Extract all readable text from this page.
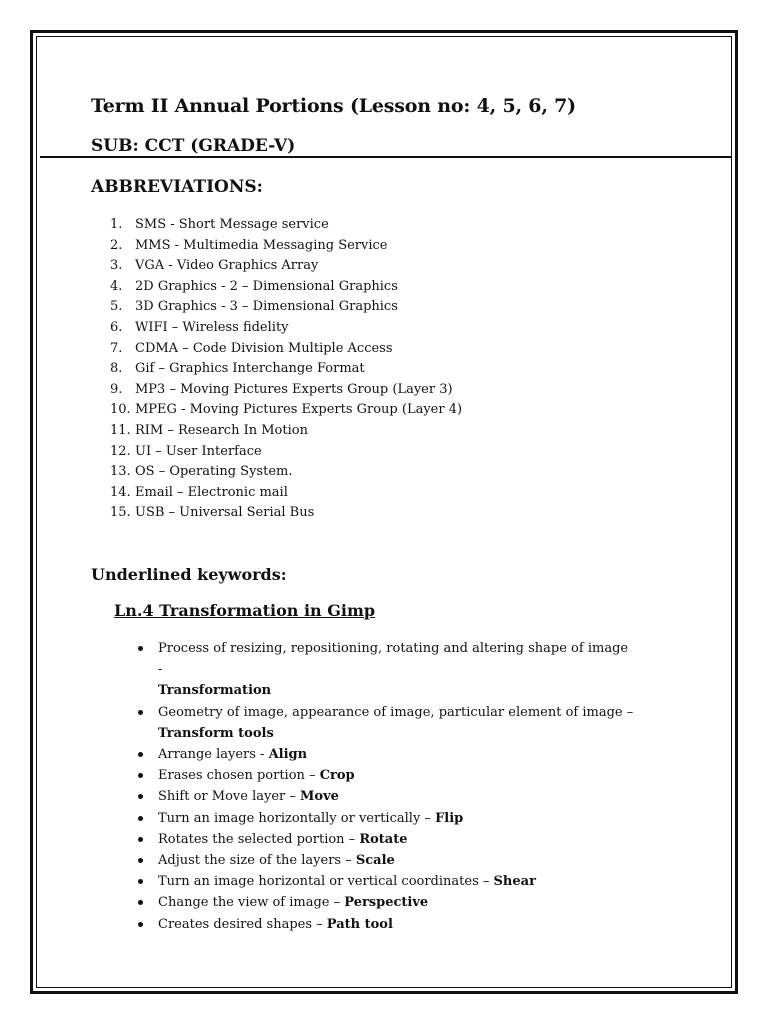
Term II Annual Portions (Lesson no: 4, 5, 6, 7)
SUB: CCT (GRADE-V)
ABBREVIATIONS:
1. SMS - Short Message service
2. MMS - Multimedia Messaging Service
3. VGA - Video Graphics Array
4. 2D Graphics - 2 – Dimensional Graphics
5. 3D Graphics - 3 – Dimensional Graphics
6. WIFI – Wireless fidelity
7. CDMA – Code Division Multiple Access
8. Gif – Graphics Interchange Format
9. MP3 – Moving Pictures Experts Group (Layer 3)
10. MPEG - Moving Pictures Experts Group (Layer 4)
11. RIM – Research In Motion
12. UI – User Interface
13. OS – Operating System.
14. Email – Electronic mail
15. USB – Universal Serial Bus
Underlined keywords:
Ln.4 Transformation in Gimp
Process of resizing, repositioning, rotating and altering shape of image -
Transformation
Geometry of image, appearance of image, particular element of image –
Transform tools
Arrange layers - Align
Erases chosen portion – Crop
Shift or Move layer – Move
Turn an image horizontally or vertically – Flip
Rotates the selected portion – Rotate
Adjust the size of the layers – Scale
Turn an image horizontal or vertical coordinates – Shear
Change the view of image – Perspective
Creates desired shapes – Path tool
